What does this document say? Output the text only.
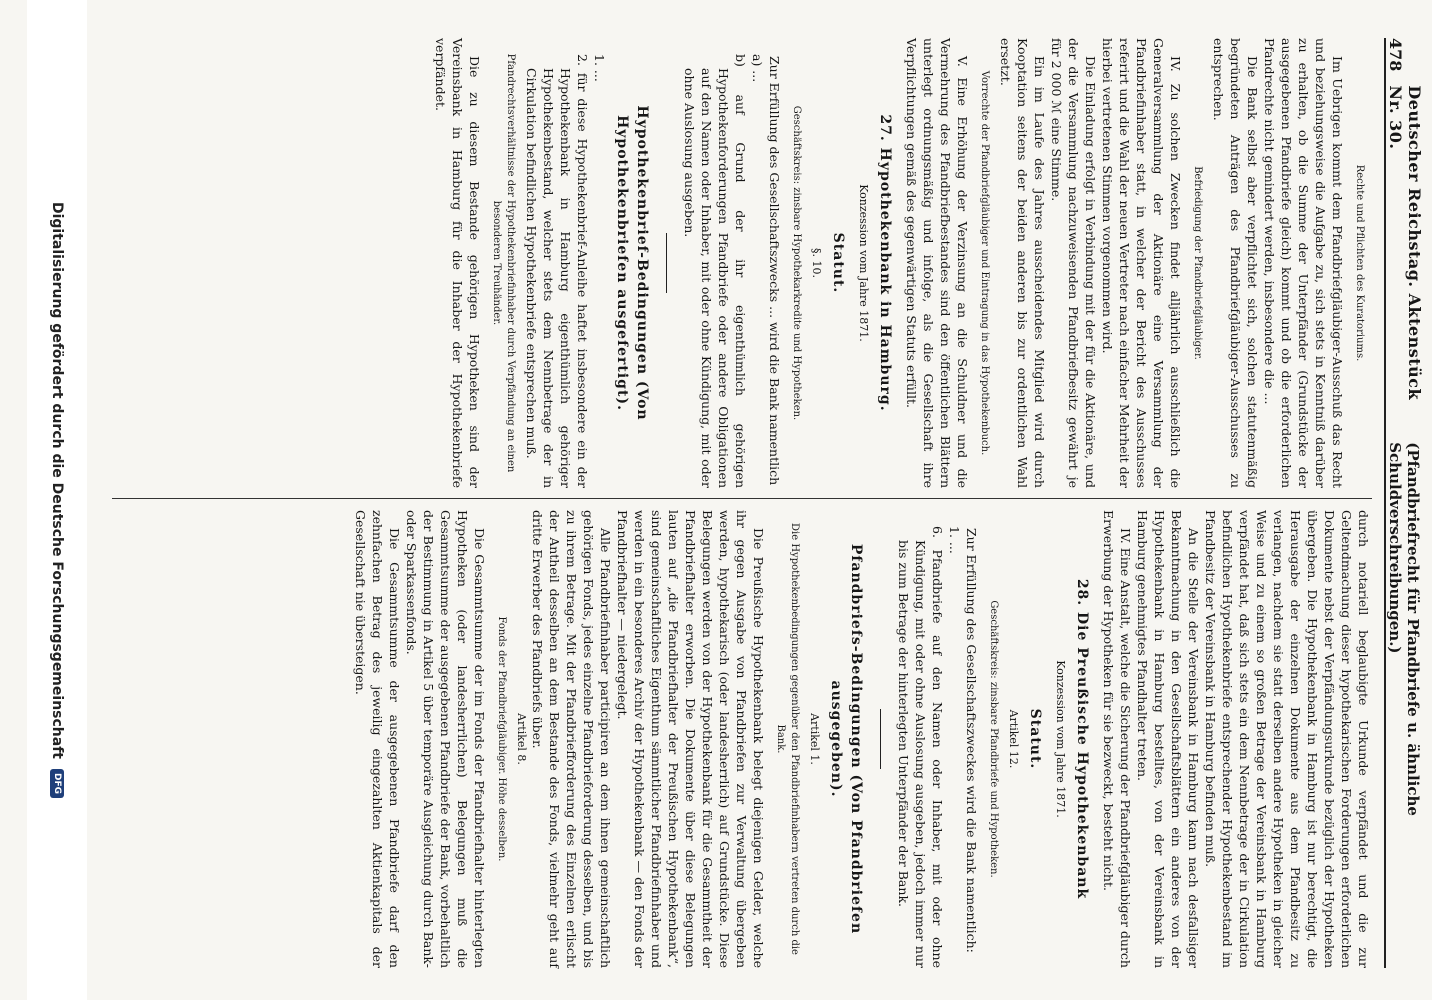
478
Deutscher Reichstag. Aktenstück Nr. 30.
(Pfandbriefrecht für Pfandbriefe u. ähnliche Schuldverschreibungen.)

Rechte und Pflichten des Kuratoriums.

Im Uebrigen kommt dem Pfandbriefgläubiger-Ausschuß das Recht und beziehungsweise die Aufgabe zu, sich stets in Kenntniß darüber zu erhalten, ob die Summe der Unterpfänder (Grundstücke der ausgegebenen Pfandbriefe gleich) kommt und ob die erforderlichen Pfandrechte nicht gemindert werden, insbesondere die ...

Die Bank selbst aber verpflichtet sich, solchen statutenmäßig begründeten Anträgen des Pfandbriefgläubiger-Ausschusses zu entsprechen.

Befriedigung der Pfandbriefgläubiger.

IV. Zu solchen Zwecken findet alljährlich ausschließlich die Generalversammlung der Aktionäre eine Versammlung der Pfandbriefinhaber statt, in welcher der Bericht des Ausschusses referirt und die Wahl der neuen Vertreter nach einfacher Mehrheit der hierbei vertretenen Stimmen vorgenommen wird.

Die Einladung erfolgt in Verbindung mit der für die Aktionäre, und der die Versammlung nachzuweisenden Pfandbriefbesitz gewährt je für 2 000 ℳ eine Stimme.

Ein im Laufe des Jahres ausscheidendes Mitglied wird durch Kooptation seitens der beiden anderen bis zur ordentlichen Wahl ersetzt.

Vorrechte der Pfandbriefgläubiger und Eintragung in das Hypothekenbuch.

V. Eine Erhöhung der Verzinsung an die Schuldner und die Vermehrung des Pfandbriefbestandes sind den öffentlichen Blättern unterlegt ordnungsmäßig und infolge, als die Gesellschaft ihre Verpflichtungen gemäß des gegenwärtigen Statuts erfüllt.

27. Hypothekenbank in Hamburg.

Konzession vom Jahre 1871.

Statut.

§. 10.

Geschäftskreis: zinsbare Hypothekarkredite und Hypotheken.

Zur Erfüllung des Gesellschaftszwecks ... wird die Bank namentlich

a) ...

b) auf Grund der ihr eigenthümlich gehörigen Hypothekenforderungen Pfandbriefe oder andere Obligationen auf den Namen oder Inhaber, mit oder ohne Kündigung, mit oder ohne Auslosung ausgeben.

Hypothekenbrief-Bedingungen (Von Hypothekenbriefen ausgefertigt).

1. ...

2. für diese Hypothekenbrief-Anleihe haftet insbesondere ein der Hypothekenbank in Hamburg eigenthümlich gehöriger Hypothekenbestand, welcher stets dem Nennbetrage der in Cirkulation befindlichen Hypothekenbriefe entsprechen muß.

Pfandrechtsverhältnisse der Hypothekenbriefinhaber durch Verpfändung an einen besonderen Treuhänder.

Die zu diesem Bestande gehörigen Hypotheken sind der Vereinsbank in Hamburg für die Inhaber der Hypothekenbriefe verpfändet.

durch notariell beglaubigte Urkunde verpfändet und die zur Geltendmachung dieser hypothekarischen Forderungen erforderlichen Dokumente nebst der Verpfändungsurkunde bezüglich der Hypotheken übergeben. Die Hypothekenbank in Hamburg ist nur berechtigt, die Herausgabe der einzelnen Dokumente aus dem Pfandbesitz zu verlangen, nachdem sie statt derselben andere Hypotheken in gleicher Weise und zu einem so großen Betrage der Vereinsbank in Hamburg verpfändet hat, daß sich stets ein dem Nennbetrage der in Cirkulation befindlichen Hypothekenbriefe entsprechender Hypothekenbestand im Pfandbesitz der Vereinsbank in Hamburg befinden muß.

An die Stelle der Vereinsbank in Hamburg kann nach desfallsiger Bekanntmachung in den Gesellschaftsblättern ein anderes von der Hypothekenbank in Hamburg bestelltes, von der Vereinsbank in Hamburg genehmigtes Pfandhalter treten.

IV. Eine Anstalt, welche die Sicherung der Pfandbriefgläubiger durch Erwerbung der Hypotheken für sie bezweckt, besteht nicht.

28. Die Preußische Hypothekenbank

Konzession vom Jahre 1871.

Statut.

Artikel 12.

Geschäftskreis: zinsbare Pfandbriefe und Hypotheken.

Zur Erfüllung des Gesellschaftszweckes wird die Bank namentlich:

1. ...

6. Pfandbriefe auf den Namen oder Inhaber, mit oder ohne Kündigung, mit oder ohne Auslosung ausgeben, jedoch immer nur bis zum Betrage der hinterlegten Unterpfänder der Bank.

Pfandbriefs-Bedingungen (Von Pfandbriefen ausgegeben).

Artikel 1.

Die Hypothekenbedingungen gegenüber den Pfandbriefinhabern vertreten durch die Bank.

Die Preußische Hypothekenbank belegt diejenigen Gelder, welche ihr gegen Ausgabe von Pfandbriefen zur Verwaltung übergeben werden, hypothekarisch (oder landesherrlich) auf Grundstücke. Diese Belegungen werden von der Hypothekenbank für die Gesammtheit der Pfandbriefhalter erworben. Die Dokumente über diese Belegungen lauten auf „die Pfandbriefhalter der Preußischen Hypothekenbank“, sind gemeinschaftliches Eigenthum sämmtlicher Pfandbriefinhaber und werden in ein besonderes Archiv der Hypothekenbank — den Fonds der Pfandbriefhalter — niedergelegt.

Alle Pfandbriefinhaber participiren an dem ihnen gemeinschaftlich gehörigen Fonds, jedes einzelne Pfandbrieforderung desselben, und bis zu ihrem Betrage. Mit der Pfandbriefforderung des Einzelnen erlischt der Antheil desselben an dem Bestande des Fonds, vielmehr geht auf dritte Erwerber des Pfandbriefs über.

Artikel 8.

Fonds der Pfandbriefgläubiger. Höhe desselben.

Die Gesammtsumme der im Fonds der Pfandbriefhalter hinterlegten Hypotheken (oder landesherrlichen) Belegungen muß die Gesammtsumme der ausgegebenen Pfandbriefe der Bank, vorbehaltlich der Bestimmung in Artikel 5 über temporäre Ausgleichung durch Bank- oder Sparkassenfonds.

Die Gesammtsumme der ausgegebenen Pfandbriefe darf den zehnfachen Betrag des jeweilig eingezahlten Aktienkapitals der Gesellschaft nie übersteigen.

Digitalisierung gefördert durch die Deutsche Forschungsgemeinschaft
DFG
